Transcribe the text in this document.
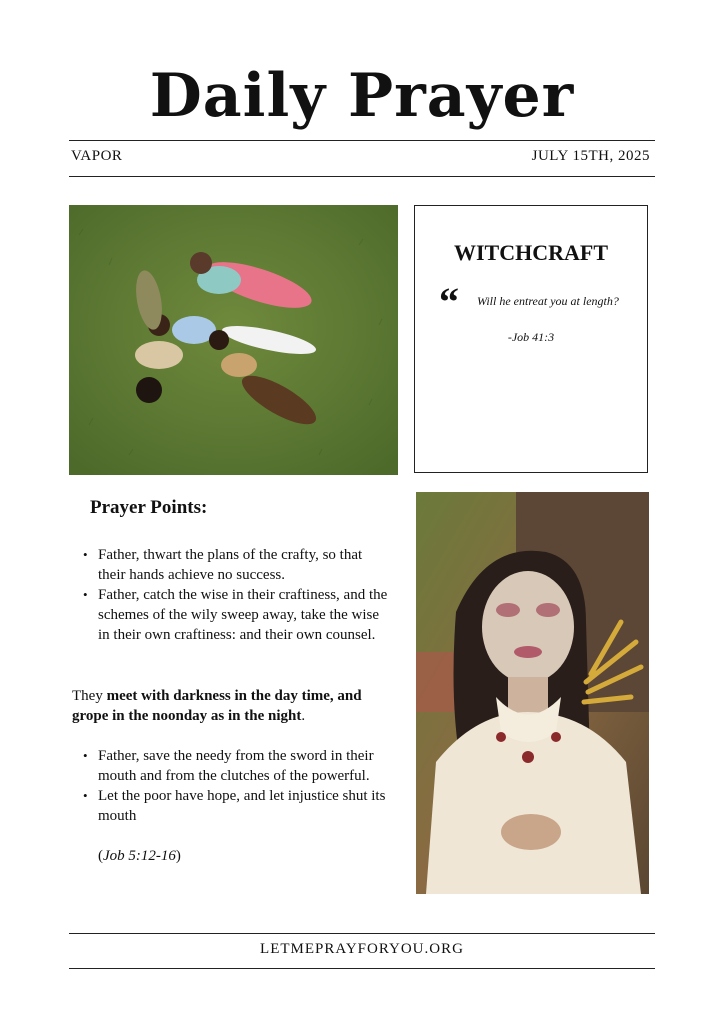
Daily Prayer
VAPOR	JULY 15TH, 2025
WITCHCRAFT
“ Will he entreat you at length?
-Job 41:3
Prayer Points:
• Father, thwart the plans of the crafty, so that their hands achieve no success.
• Father, catch the wise in their craftiness, and the schemes of the wily sweep away, take the wise in their own craftiness: and their own counsel.
They meet with darkness in the day time, and grope in the noonday as in the night.
• Father, save the needy from the sword in their mouth and from the clutches of the powerful.
• Let the poor have hope, and let injustice shut its mouth
(Job 5:12-16)
LETMEPRAYFORYOU.ORG
